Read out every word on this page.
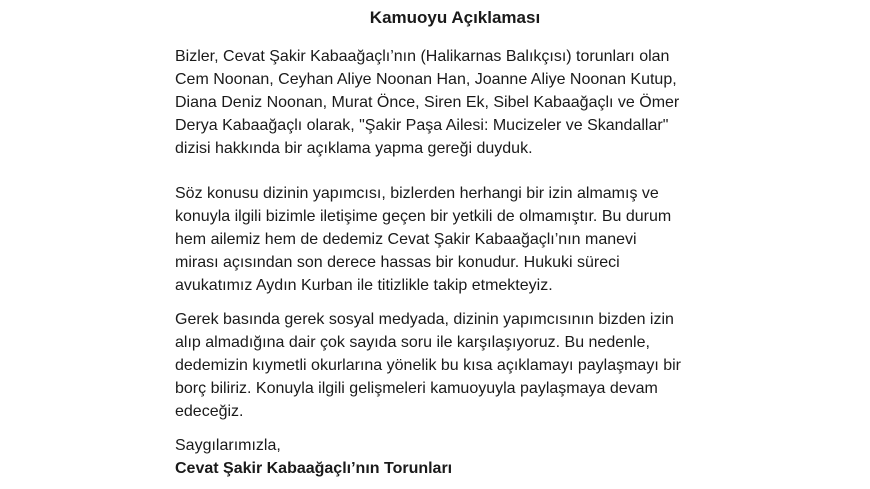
Kamuoyu Açıklaması

Bizler, Cevat Şakir Kabaağaçlı’nın (Halikarnas Balıkçısı) torunları olan
Cem Noonan, Ceyhan Aliye Noonan Han, Joanne Aliye Noonan Kutup,
Diana Deniz Noonan, Murat Önce, Siren Ek, Sibel Kabaağaçlı ve Ömer
Derya Kabaağaçlı olarak, "Şakir Paşa Ailesi: Mucizeler ve Skandallar"
dizisi hakkında bir açıklama yapma gereği duyduk.

Söz konusu dizinin yapımcısı, bizlerden herhangi bir izin almamış ve
konuyla ilgili bizimle iletişime geçen bir yetkili de olmamıştır. Bu durum
hem ailemiz hem de dedemiz Cevat Şakir Kabaağaçlı’nın manevi
mirası açısından son derece hassas bir konudur. Hukuki süreci
avukatımız Aydın Kurban ile titizlikle takip etmekteyiz.

Gerek basında gerek sosyal medyada, dizinin yapımcısının bizden izin
alıp almadığına dair çok sayıda soru ile karşılaşıyoruz. Bu nedenle,
dedemizin kıymetli okurlarına yönelik bu kısa açıklamayı paylaşmayı bir
borç biliriz. Konuyla ilgili gelişmeleri kamuoyuyla paylaşmaya devam
edeceğiz.

Saygılarımızla,
Cevat Şakir Kabaağaçlı’nın Torunları
